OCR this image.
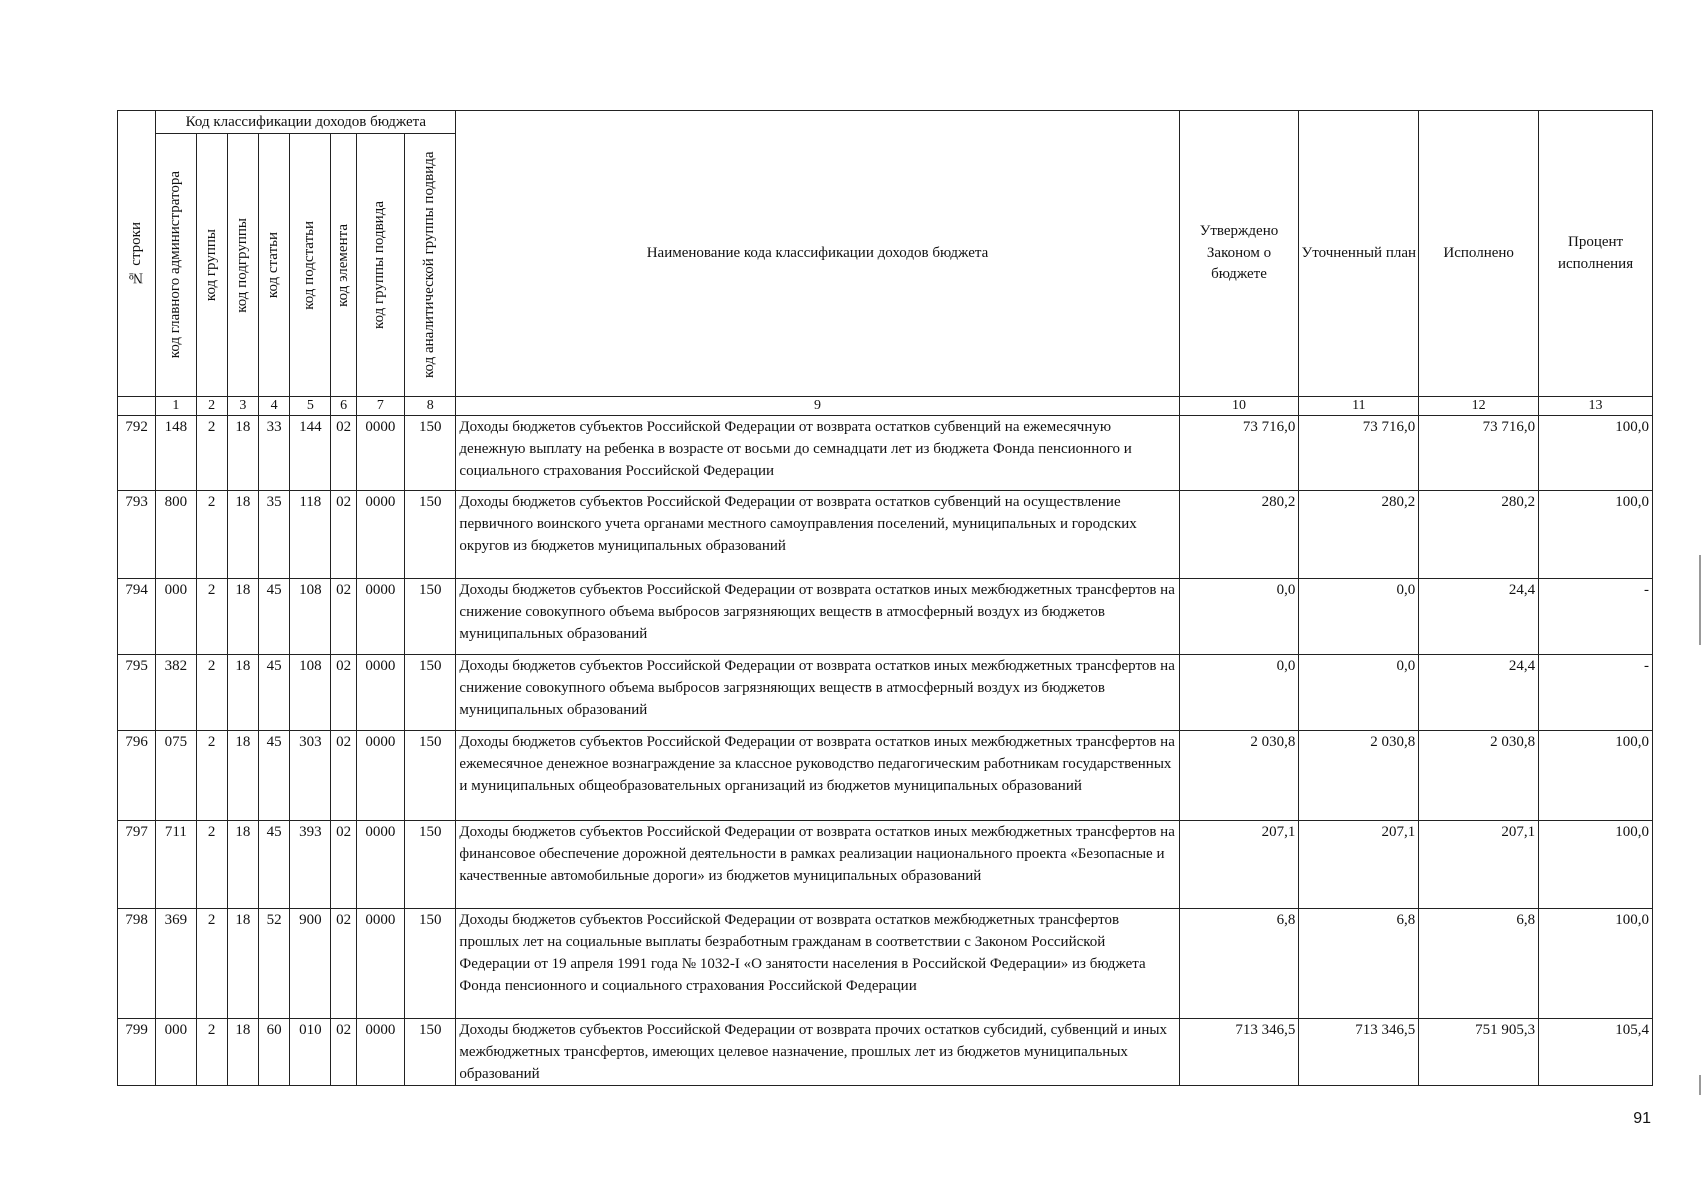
№ строки	Код классификации доходов бюджета								Наименование кода классификации доходов бюджета	Утверждено Законом о бюджете	Уточненный план	Исполнено	Процент исполнения

	код главного администратора	код группы	код подгруппы	код статьи	код подстатьи	код элемента	код группы подвида	код аналитической группы подвида					

	1	2	3	4	5	6	7	8	9	10	11	12	13
792	148	2	18	33	144	02	0000	150	Доходы бюджетов субъектов Российской Федерации от возврата остатков субвенций на ежемесячную денежную выплату на ребенка в возрасте от восьми до семнадцати лет из бюджета Фонда пенсионного и социального страхования Российской Федерации	73 716,0	73 716,0	73 716,0	100,0
793	800	2	18	35	118	02	0000	150	Доходы бюджетов субъектов Российской Федерации от возврата остатков субвенций на осуществление первичного воинского учета органами местного самоуправления поселений, муниципальных и городских округов из бюджетов муниципальных образований	280,2	280,2	280,2	100,0
794	000	2	18	45	108	02	0000	150	Доходы бюджетов субъектов Российской Федерации от возврата остатков иных межбюджетных трансфертов на снижение совокупного объема выбросов загрязняющих веществ в атмосферный воздух из бюджетов муниципальных образований	0,0	0,0	24,4	-
795	382	2	18	45	108	02	0000	150	Доходы бюджетов субъектов Российской Федерации от возврата остатков иных межбюджетных трансфертов на снижение совокупного объема выбросов загрязняющих веществ в атмосферный воздух из бюджетов муниципальных образований	0,0	0,0	24,4	-
796	075	2	18	45	303	02	0000	150	Доходы бюджетов субъектов Российской Федерации от возврата остатков иных межбюджетных трансфертов на ежемесячное денежное вознаграждение за классное руководство педагогическим работникам государственных и муниципальных общеобразовательных организаций из бюджетов муниципальных образований	2 030,8	2 030,8	2 030,8	100,0
797	711	2	18	45	393	02	0000	150	Доходы бюджетов субъектов Российской Федерации от возврата остатков иных межбюджетных трансфертов на финансовое обеспечение дорожной деятельности в рамках реализации национального проекта «Безопасные и качественные автомобильные дороги» из бюджетов муниципальных образований	207,1	207,1	207,1	100,0
798	369	2	18	52	900	02	0000	150	Доходы бюджетов субъектов Российской Федерации от возврата остатков межбюджетных трансфертов прошлых лет на социальные выплаты безработным гражданам в соответствии с Законом Российской Федерации от 19 апреля 1991 года № 1032-I «О занятости населения в Российской Федерации» из бюджета Фонда пенсионного и социального страхования Российской Федерации	6,8	6,8	6,8	100,0
799	000	2	18	60	010	02	0000	150	Доходы бюджетов субъектов Российской Федерации от возврата прочих остатков субсидий, субвенций и иных межбюджетных трансфертов, имеющих целевое назначение, прошлых лет из бюджетов муниципальных образований	713 346,5	713 346,5	751 905,3	105,4
91
